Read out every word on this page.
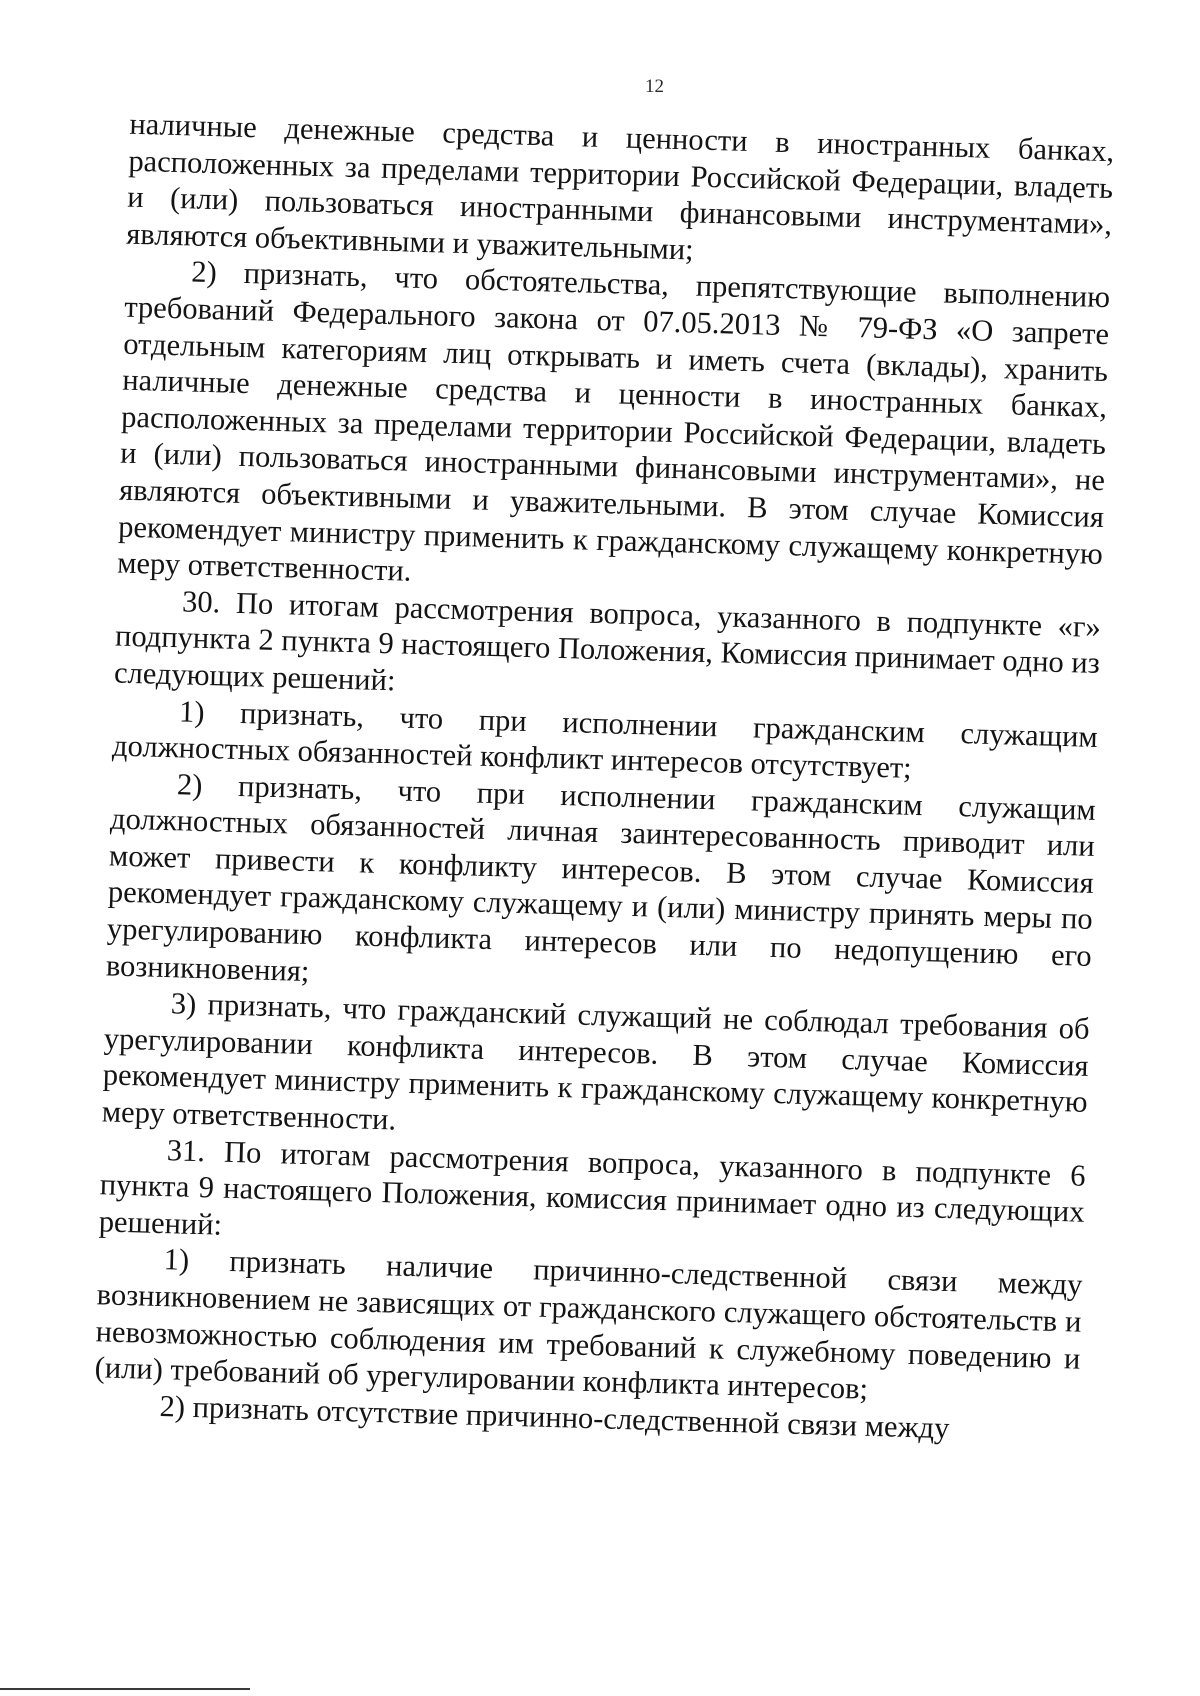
12

наличные денежные средства и ценности в иностранных банках, расположенных за пределами территории Российской Федерации, владеть и (или) пользоваться иностранными финансовыми инструментами», являются объективными и уважительными;

2) признать, что обстоятельства, препятствующие выполнению требований Федерального закона от 07.05.2013 № 79-ФЗ «О запрете отдельным категориям лиц открывать и иметь счета (вклады), хранить наличные денежные средства и ценности в иностранных банках, расположенных за пределами территории Российской Федерации, владеть и (или) пользоваться иностранными финансовыми инструментами», не являются объективными и уважительными. В этом случае Комиссия рекомендует министру применить к гражданскому служащему конкретную меру ответственности.

30. По итогам рассмотрения вопроса, указанного в подпункте «г» подпункта 2 пункта 9 настоящего Положения, Комиссия принимает одно из следующих решений:

1) признать, что при исполнении гражданским служащим должностных обязанностей конфликт интересов отсутствует;

2) признать, что при исполнении гражданским служащим должностных обязанностей личная заинтересованность приводит или может привести к конфликту интересов. В этом случае Комиссия рекомендует гражданскому служащему и (или) министру принять меры по урегулированию конфликта интересов или по недопущению его возникновения;

3) признать, что гражданский служащий не соблюдал требования об урегулировании конфликта интересов. В этом случае Комиссия рекомендует министру применить к гражданскому служащему конкретную меру ответственности.

31. По итогам рассмотрения вопроса, указанного в подпункте 6 пункта 9 настоящего Положения, комиссия принимает одно из следующих решений:

1) признать наличие причинно-следственной связи между возникновением не зависящих от гражданского служащего обстоятельств и невозможностью соблюдения им требований к служебному поведению и (или) требований об урегулировании конфликта интересов;

2) признать отсутствие причинно-следственной связи между
